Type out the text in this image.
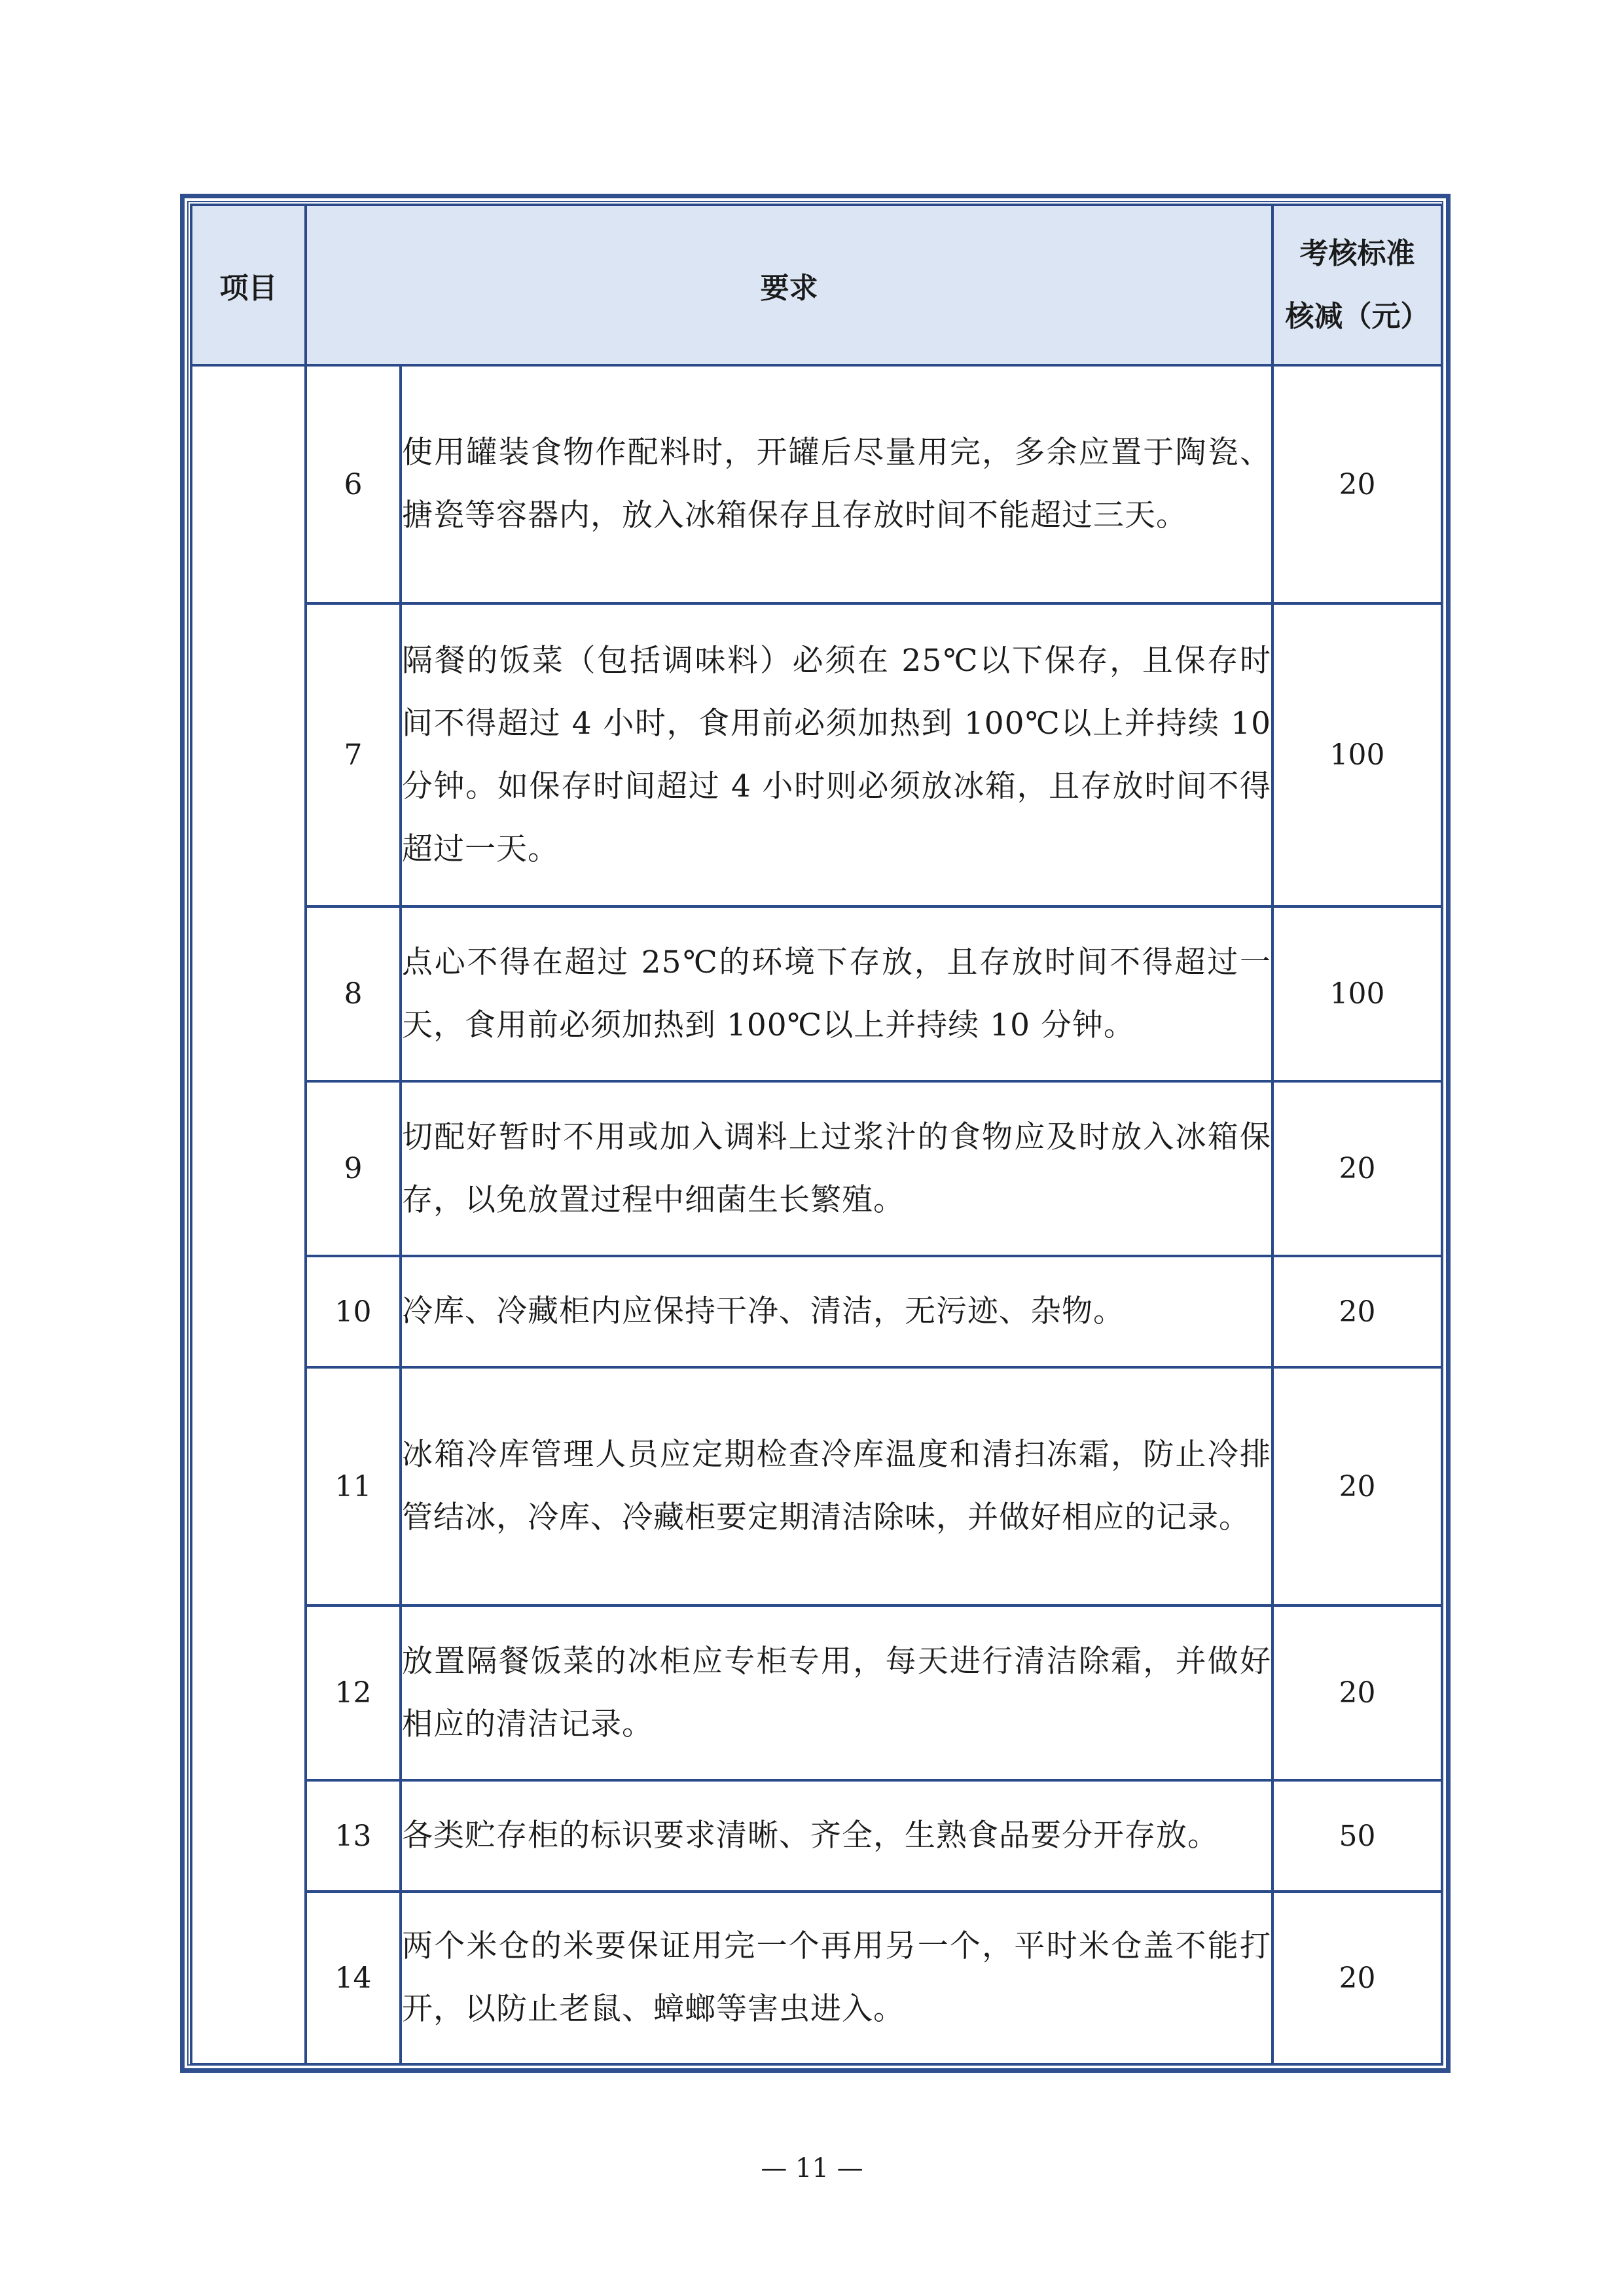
项目	要求		考核标准
核减（元）

	6	使用罐装食物作配料时，开罐后尽量用完，多余应置于陶瓷、搪瓷等容器内，放入冰箱保存且存放时间不能超过三天。	20
	7	隔餐的饭菜（包括调味料）必须在 25℃以下保存，且保存时间不得超过 4 小时，食用前必须加热到 100℃以上并持续 10 分钟。如保存时间超过 4 小时则必须放冰箱，且存放时间不得超过一天。	100
	8	点心不得在超过 25℃的环境下存放，且存放时间不得超过一天，食用前必须加热到 100℃以上并持续 10 分钟。	100
	9	切配好暂时不用或加入调料上过浆汁的食物应及时放入冰箱保存，以免放置过程中细菌生长繁殖。	20
	10	冷库、冷藏柜内应保持干净、清洁，无污迹、杂物。	20
	11	冰箱冷库管理人员应定期检查冷库温度和清扫冻霜，防止冷排管结冰，冷库、冷藏柜要定期清洁除味，并做好相应的记录。	20
	12	放置隔餐饭菜的冰柜应专柜专用，每天进行清洁除霜，并做好相应的清洁记录。	20
	13	各类贮存柜的标识要求清晰、齐全，生熟食品要分开存放。	50
	14	两个米仓的米要保证用完一个再用另一个，平时米仓盖不能打开，以防止老鼠、蟑螂等害虫进入。	20
— 11 —
